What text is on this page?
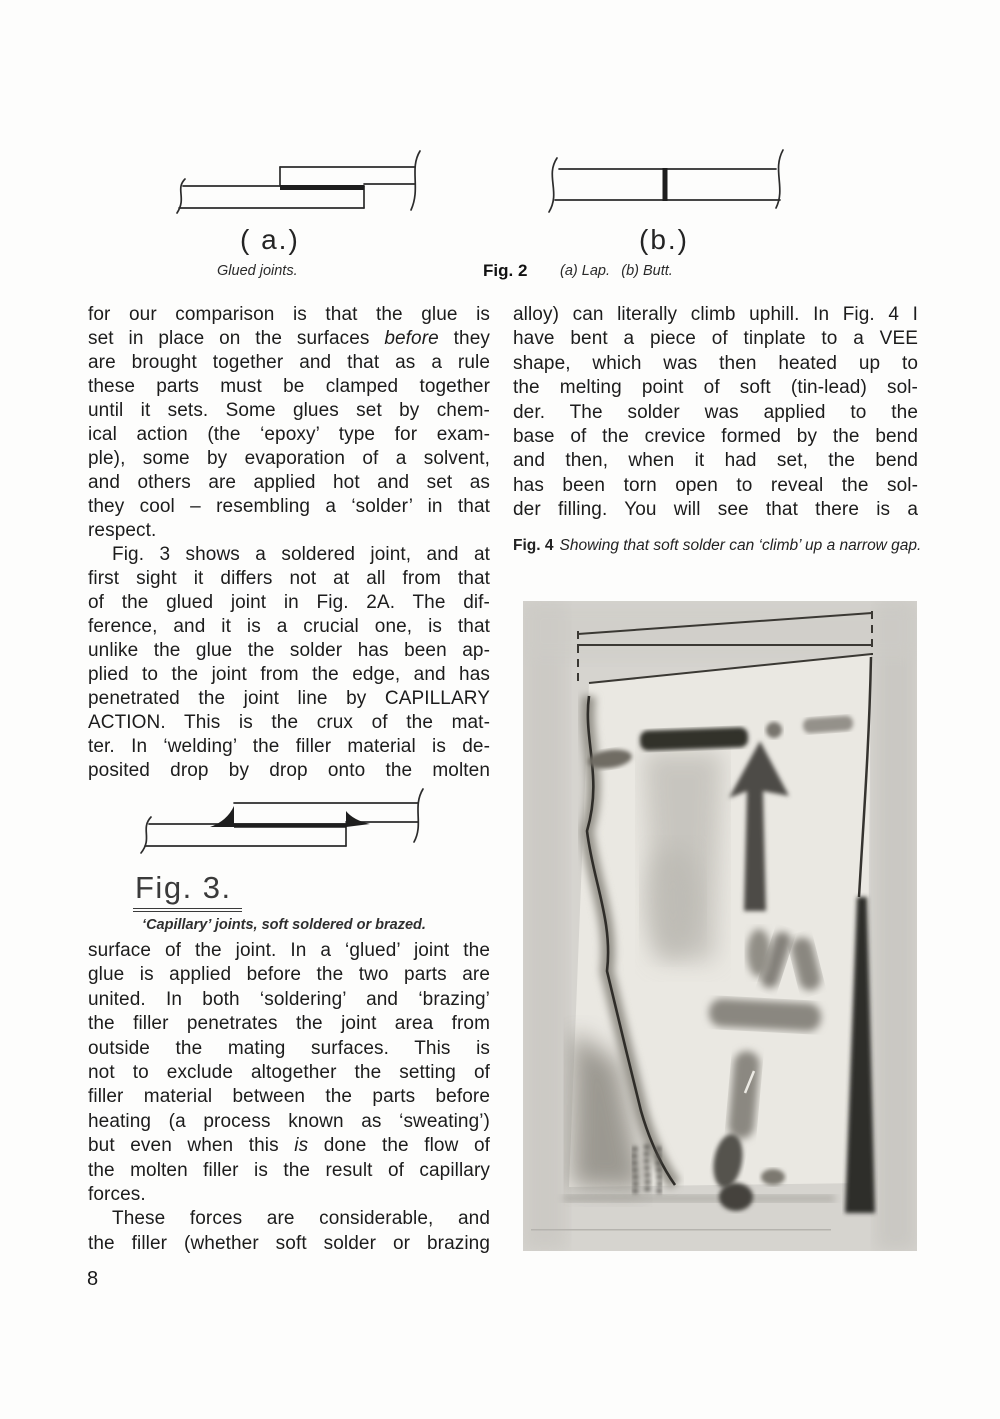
( a.)	(b.)
Glued joints.	Fig. 2 (a) Lap.  (b) Butt.
for our comparison is that the glue is
set in place on the surfaces before they
are brought together and that as a rule
these parts must be clamped together
until it sets. Some glues set by chem-
ical action (the ‘epoxy’ type for exam-
ple), some by evaporation of a solvent,
and others are applied hot and set as
they cool – resembling a ‘solder’ in that
respect.
Fig. 3 shows a soldered joint, and at
first sight it differs not at all from that
of the glued joint in Fig. 2A. The dif-
ference, and it is a crucial one, is that
unlike the glue the solder has been ap-
plied to the joint from the edge, and has
penetrated the joint line by CAPILLARY
ACTION. This is the crux of the mat-
ter. In ‘welding’ the filler material is de-
posited drop by drop onto the molten
Fig. 3.
‘Capillary’ joints, soft soldered or brazed.
surface of the joint. In a ‘glued’ joint the
glue is applied before the two parts are
united. In both ‘soldering’ and ‘brazing’
the filler penetrates the joint area from
outside the mating surfaces. This is
not to exclude altogether the setting of
filler material between the parts before
heating (a process known as ‘sweating’)
but even when this is done the flow of
the molten filler is the result of capillary
forces.
These forces are considerable, and
the filler (whether soft solder or brazing
alloy) can literally climb uphill. In Fig. 4 I
have bent a piece of tinplate to a VEE
shape, which was then heated up to
the melting point of soft (tin-lead) sol-
der. The solder was applied to the
base of the crevice formed by the bend
and then, when it had set, the bend
has been torn open to reveal the sol-
der filling. You will see that there is a
Fig. 4 Showing that soft solder can ‘climb’ up a narrow gap.
8
